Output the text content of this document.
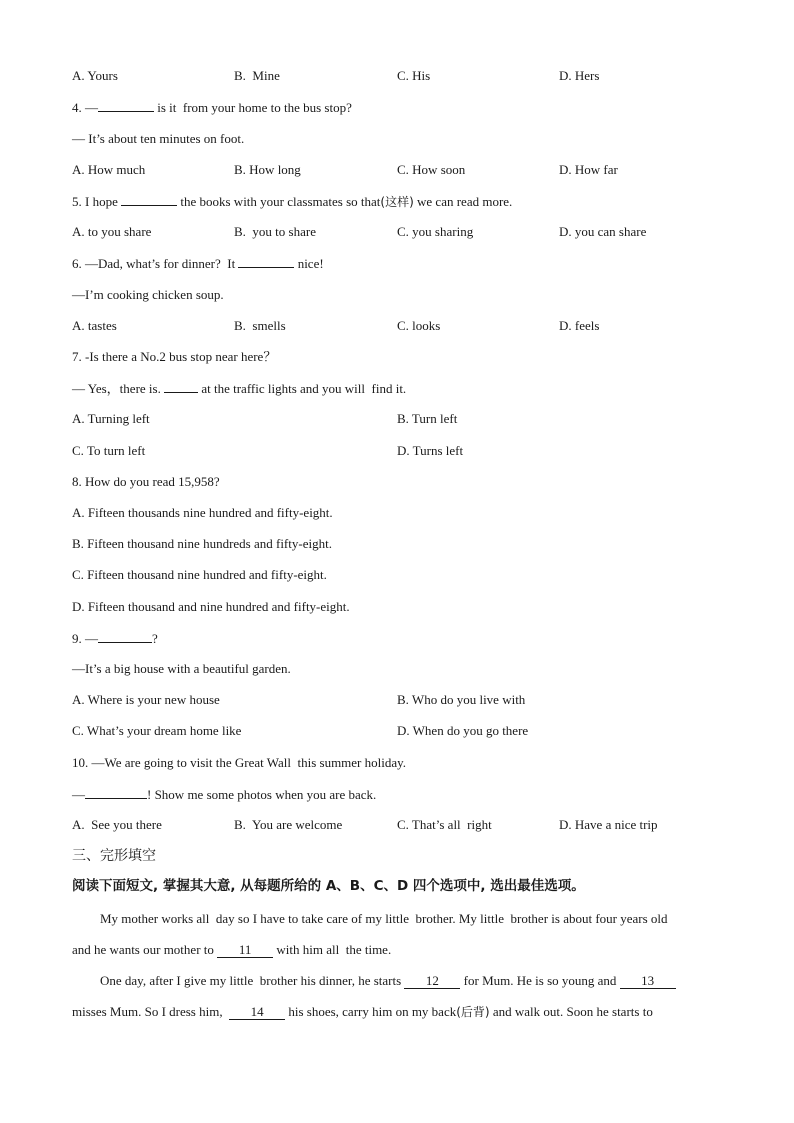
A. Yours	B.  Mine	C. His	D. Hers
4. —	is it  from your home to the bus stop?
— It’s about ten minutes on foot.
A. How much	B. How long	C. How soon	D. How far
5. I hope	the books with your classmates so that(这样) we can read more.
A. to you share	B.  you to share	C. you sharing	D. you can share
6. —Dad, what’s for dinner?  It	nice!
—I’m cooking chicken soup.
A. tastes	B.  smells	C. looks	D. feels
7. -Is there a No.2 bus stop near here？
— Yes，there is.	at the traffic lights and you will  find it.
A. Turning left	B. Turn left
C. To turn left	D. Turns left
8. How do you read 15,958?
A. Fifteen thousands nine hundred and fifty-eight.
B. Fifteen thousand nine hundreds and fifty-eight.
C. Fifteen thousand nine hundred and fifty-eight.
D. Fifteen thousand and nine hundred and fifty-eight.
9. —	?
—It’s a big house with a beautiful garden.
A. Where is your new house	B. Who do you live with
C. What’s your dream home like	D. When do you go there
10. —We are going to visit the Great Wall  this summer holiday.
—	! Show me some photos when you are back.
A.  See you there	B.  You are welcome	C. That’s all  right	D. Have a nice trip
三、完形填空
阅读下面短文, 掌握其大意, 从每题所给的 A、B、C、D 四个选项中, 选出最佳选项。
My mother works all  day so I have to take care of my little  brother. My little  brother is about four years old
and he wants our mother to 11 with him all  the time.
One day, after I give my little  brother his dinner, he starts 12 for Mum. He is so young and 13
misses Mum. So I dress him,  14 his shoes, carry him on my back(后背) and walk out. Soon he starts to
